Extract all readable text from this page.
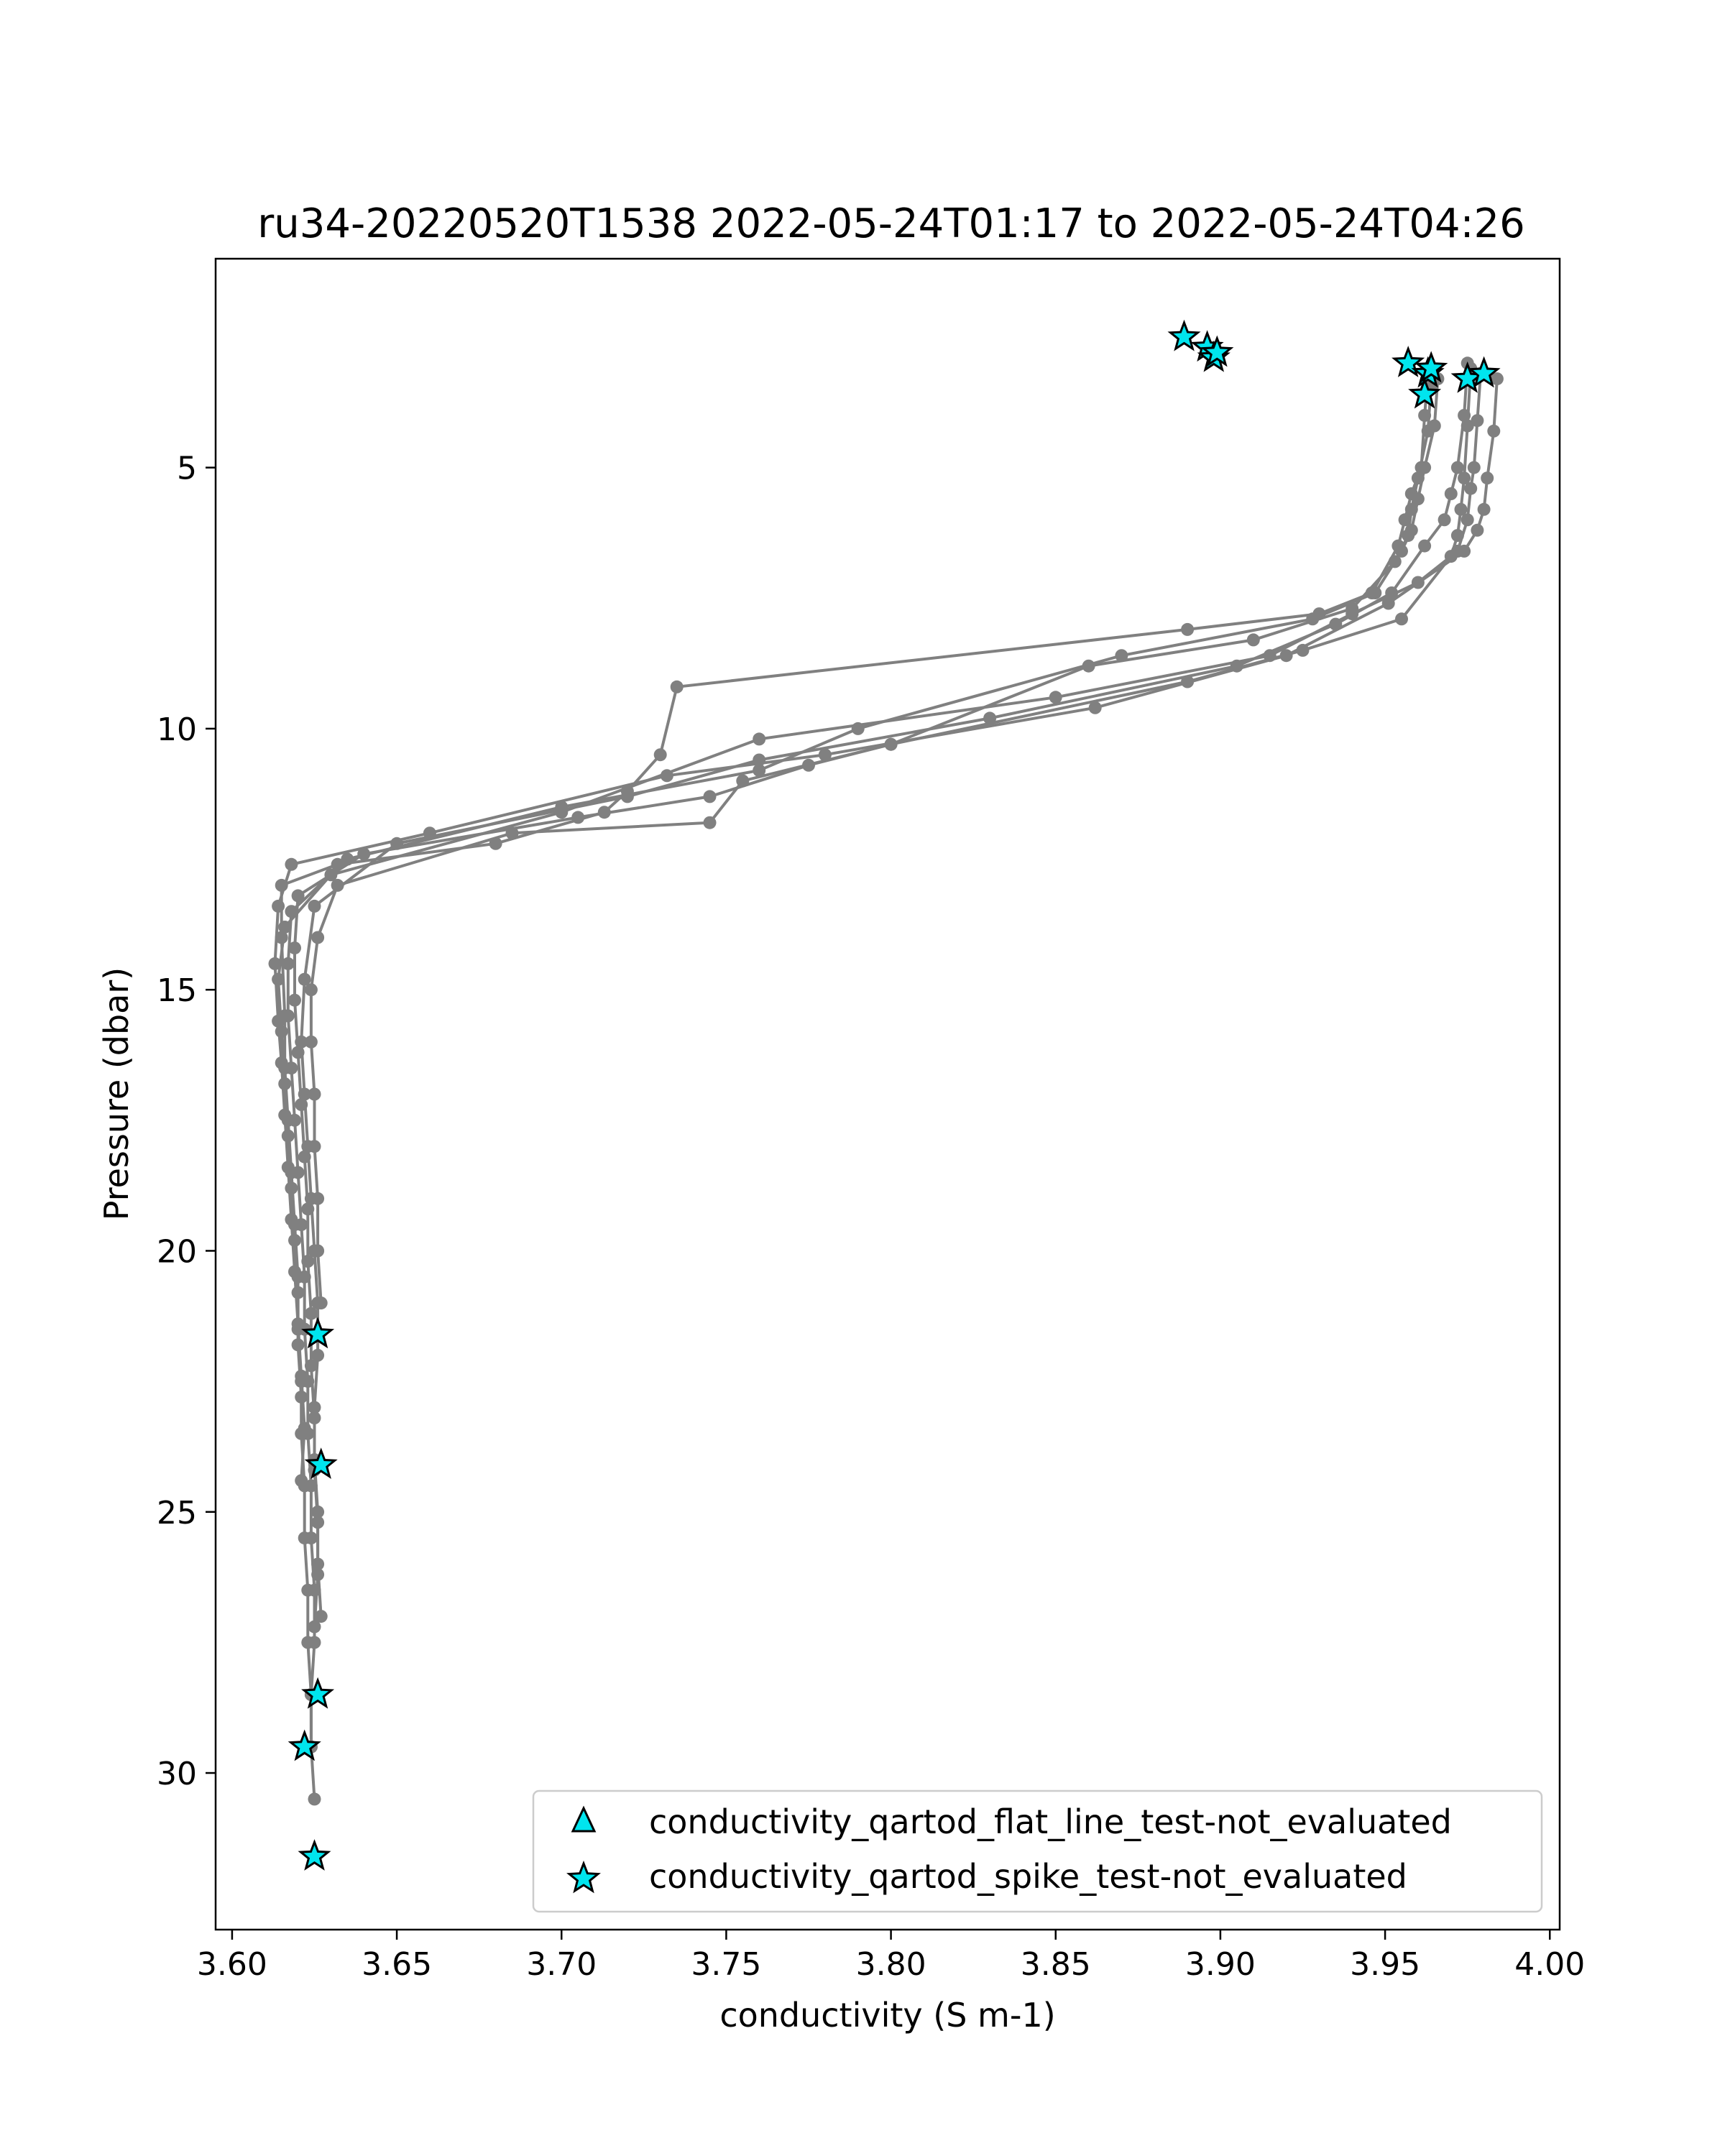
ru34-20220520T1538 2022-05-24T01:17 to 2022-05-24T04:26
3.60	3.65	3.70	3.75	3.80	3.85	3.90	3.95	4.00
5
10
15
20
25
30
conductivity (S m-1)
Pressure (dbar)
conductivity_qartod_flat_line_test-not_evaluated
conductivity_qartod_spike_test-not_evaluated
